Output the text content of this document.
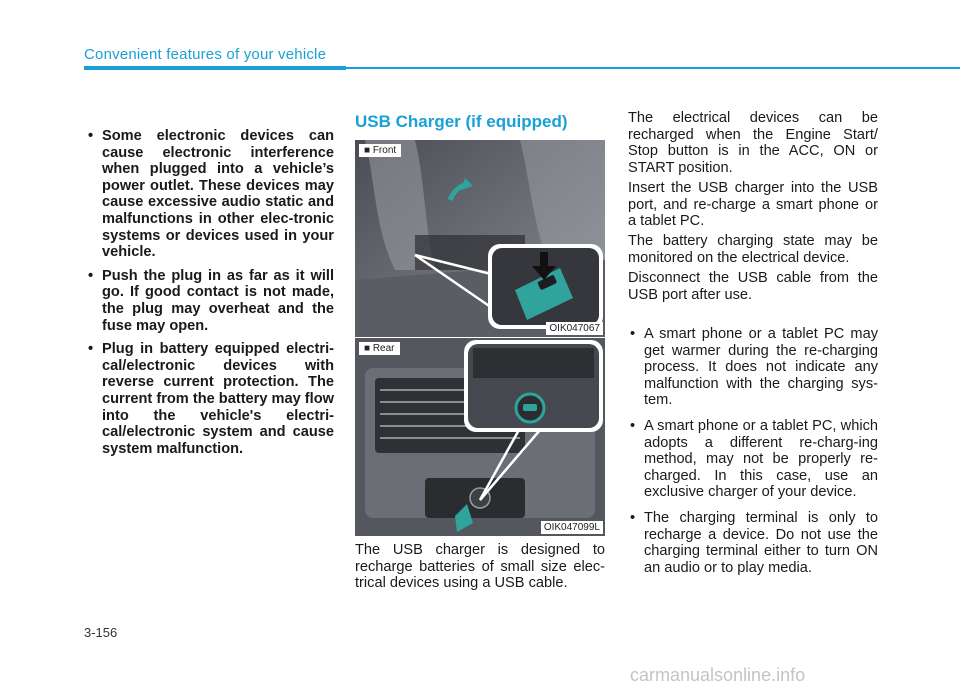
Convenient features of your vehicle
• Some electronic devices can cause electronic interference when plugged into a vehicle’s power outlet. These devices may cause excessive audio static and malfunctions in other elec-tronic systems or devices used in your vehicle.
• Push the plug in as far as it will go. If good contact is not made, the plug may overheat and the fuse may open.
• Plug in battery equipped electri-cal/electronic devices with reverse current protection. The current from the battery may flow into the vehicle's electri-cal/electronic system and cause system malfunction.
USB Charger (if equipped)
■ Front
OIK047067
■ Rear
OIK047099L

The USB charger is designed to recharge batteries of small size elec-trical devices using a USB cable.

The electrical devices can be recharged when the Engine Start/ Stop button is in the ACC, ON or START position.

Insert the USB charger into the USB port, and re-charge a smart phone or a tablet PC.

The battery charging state may be monitored on the electrical device.

Disconnect the USB cable from the USB port after use.

• A smart phone or a tablet PC may get warmer during the re-charging process. It does not indicate any malfunction with the charging sys-tem.
• A smart phone or a tablet PC, which adopts a different re-charg-ing method, may not be properly re-charged. In this case, use an exclusive charger of your device.
• The charging terminal is only to recharge a device. Do not use the charging terminal either to turn ON an audio or to play media.
3-156
carmanualsonline.info
